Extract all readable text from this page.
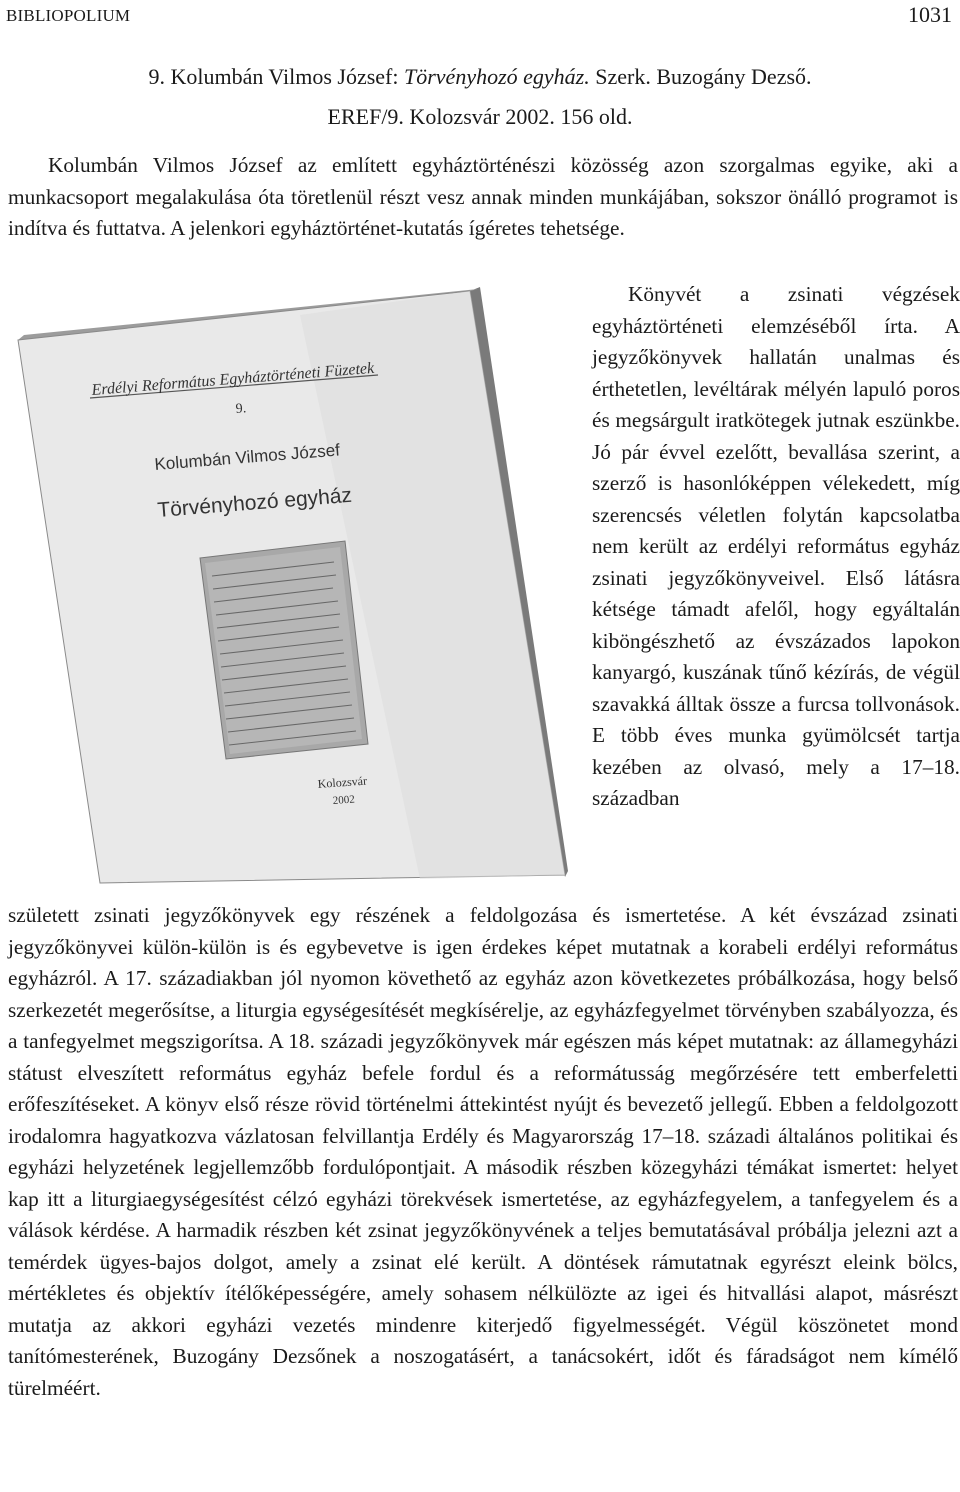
BIBLIOPOLIUM	1031
9. Kolumbán Vilmos József: Törvényhozó egyház. Szerk. Buzogány Dezső.
EREF/9. Kolozsvár 2002. 156 old.
Kolumbán Vilmos József az említett egyháztörténészi közösség azon szorgalmas egyike, aki a munkacsoport megalakulása óta töretlenül részt vesz annak minden munkájában, sokszor önálló programot is indítva és futtatva. A jelenkori egyháztörténet-kutatás ígéretes tehetsége.
Erdélyi Református Egyháztörténeti Füzetek
9.
Kolumbán Vilmos József
Törvényhozó egyház
Kolozsvár
2002
Könyvét a zsinati végzések egyháztörténeti elemzéséből írta. A jegyzőkönyvek hallatán unalmas és érthetetlen, levéltárak mélyén lapuló poros és megsárgult iratkötegek jutnak eszünkbe. Jó pár évvel ezelőtt, bevallása szerint, a szerző is hasonlóképpen vélekedett, míg szerencsés véletlen folytán kapcsolatba nem került az erdélyi református egyház zsinati jegyzőkönyveivel. Első látásra kétsége támadt afelől, hogy egyáltalán kiböngészhető az évszázados lapokon kanyargó, kuszának tűnő kézírás, de végül szavakká álltak össze a furcsa tollvonások. E több éves munka gyümölcsét tartja kezében az olvasó, mely a 17–18. században
született zsinati jegyzőkönyvek egy részének a feldolgozása és ismertetése. A két évszázad zsinati jegyzőkönyvei külön-külön is és egybevetve is igen érdekes képet mutatnak a korabeli erdélyi református egyházról. A 17. századiakban jól nyomon követhető az egyház azon következetes próbálkozása, hogy belső szerkezetét megerősítse, a liturgia egységesítését megkísérelje, az egyházfegyelmet törvényben szabályozza, és a tanfegyelmet megszigorítsa. A 18. századi jegyzőkönyvek már egészen más képet mutatnak: az államegyházi státust elveszített református egyház befele fordul és a reformátusság megőrzésére tett emberfeletti erőfeszítéseket. A könyv első része rövid történelmi áttekintést nyújt és bevezető jellegű. Ebben a feldolgozott irodalomra hagyatkozva vázlatosan felvillantja Erdély és Magyarország 17–18. századi általános politikai és egyházi helyzetének legjellemzőbb fordulópontjait. A második részben közegyházi témákat ismertet: helyet kap itt a liturgiaegységesítést célzó egyházi törekvések ismertetése, az egyházfegyelem, a tanfegyelem és a válások kérdése. A harmadik részben két zsinat jegyzőkönyvének a teljes bemutatásával próbálja jelezni azt a temérdek ügyes-bajos dolgot, amely a zsinat elé került. A döntések rámutatnak egyrészt eleink bölcs, mértékletes és objektív ítélőképességére, amely sohasem nélkülözte az igei és hitvallási alapot, másrészt mutatja az akkori egyházi vezetés mindenre kiterjedő figyelmességét. Végül köszönetet mond tanítómesterének, Buzogány Dezsőnek a noszogatásért, a tanácsokért, időt és fáradságot nem kímélő türelméért.
